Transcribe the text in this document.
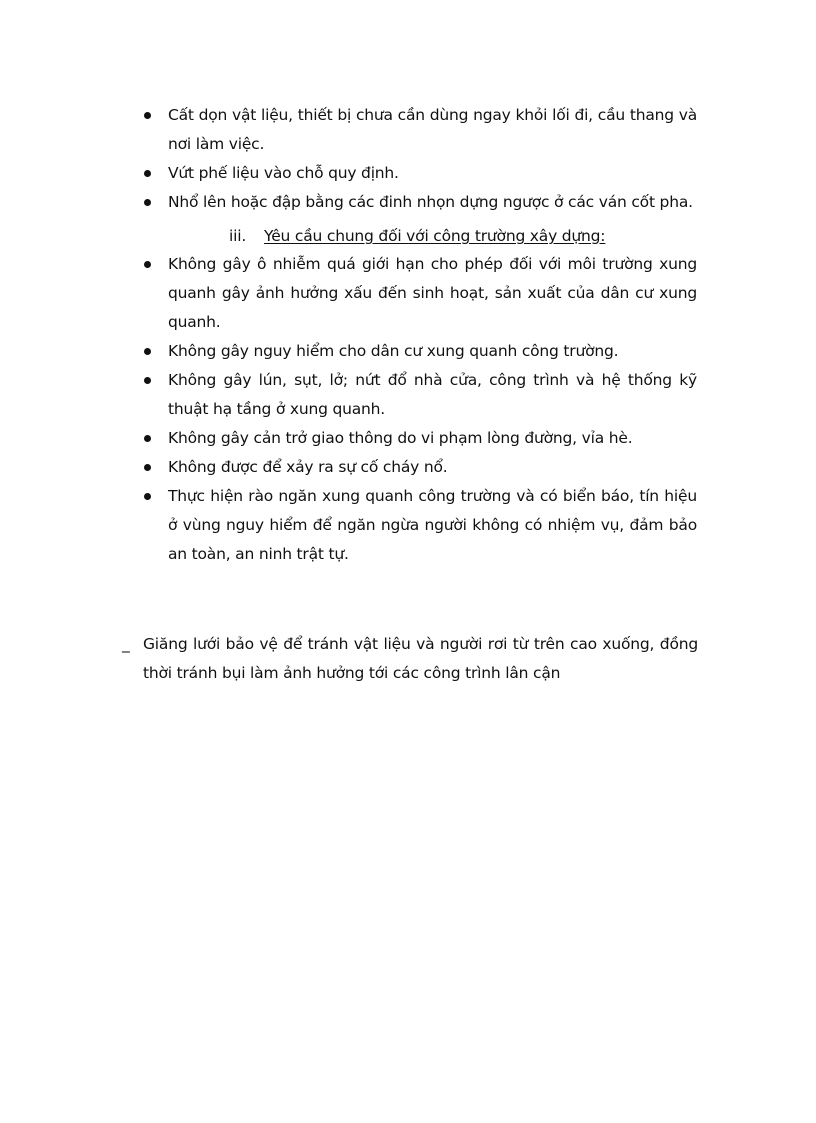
Cất dọn vật liệu, thiết bị chưa cần dùng ngay khỏi lối đi, cầu thang và nơi làm việc.
Vứt phế liệu vào chỗ quy định.
Nhổ lên hoặc đập bằng các đinh nhọn dựng ngược ở các ván cốt pha.
iii. Yêu cầu chung đối với công trường xây dựng:
Không gây ô nhiễm quá giới hạn cho phép đối với môi trường xung quanh gây ảnh hưởng xấu đến sinh hoạt, sản xuất của dân cư xung quanh.
Không gây nguy hiểm cho dân cư xung quanh công trường.
Không gây lún, sụt, lở; nứt đổ nhà cửa, công trình và hệ thống kỹ thuật hạ tầng ở xung quanh.
Không gây cản trở giao thông do vi phạm lòng đường, vỉa hè.
Không được để xảy ra sự cố cháy nổ.
Thực hiện rào ngăn xung quanh công trường và có biển báo, tín hiệu ở vùng nguy hiểm để ngăn ngừa người không có nhiệm vụ, đảm bảo an toàn, an ninh trật tự.
_ Giăng lưới bảo vệ để tránh vật liệu và người rơi từ trên cao xuống, đồng thời tránh bụi làm ảnh hưởng tới các công trình lân cận
